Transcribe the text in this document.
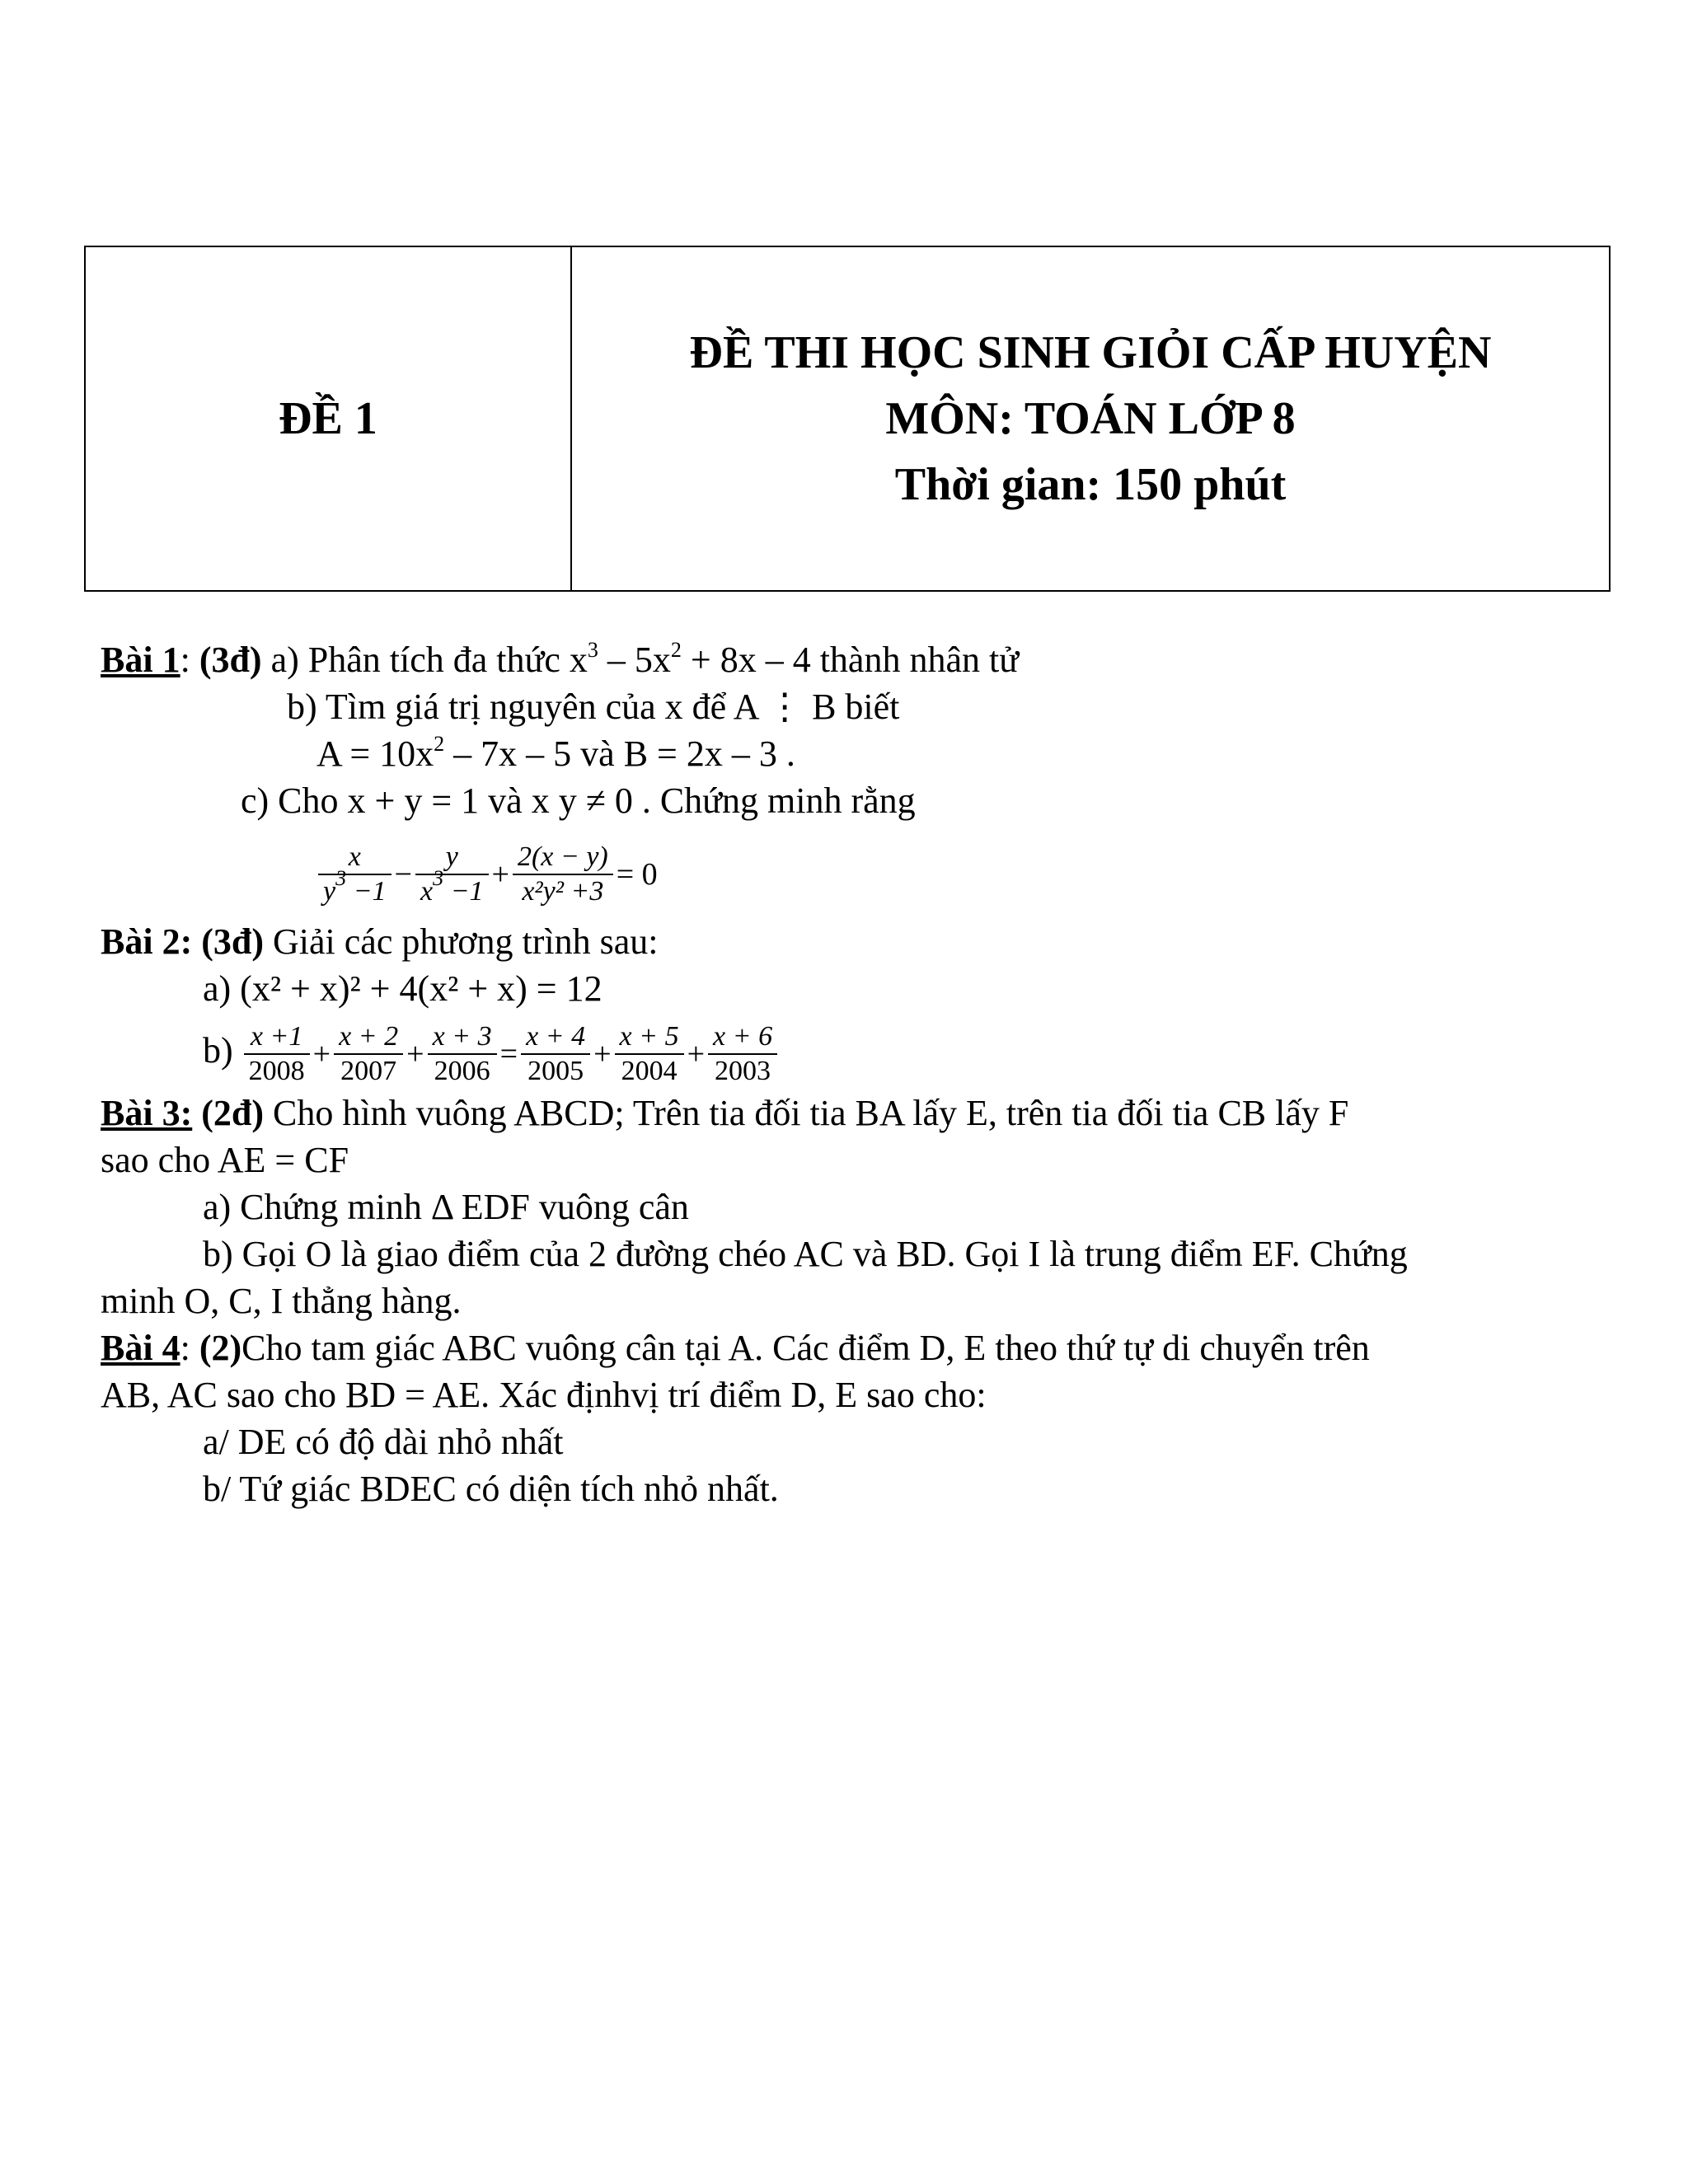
ĐỀ 1
ĐỀ THI HỌC SINH GIỎI CẤP HUYỆN
MÔN: TOÁN LỚP 8
Thời gian: 150 phút
Bài 1: (3đ) a) Phân tích đa thức $x^3 - 5x^2 + 8x - 4$ thành nhân tử
b) Tìm giá trị nguyên của x để A ⋮ B biết
$A = 10x^2 - 7x - 5$ và B = 2x – 3 .
c) Cho x + y = 1 và x y ≠ 0 . Chứng minh rằng
$\frac{x}{y^3 -1} - \frac{y}{x^3 -1} + \frac{2(x - y)}{\text{x²y² +3}} = 0$
Bài 2: (3đ) Giải các phương trình sau:
a) (x² + x)² + 4(x² + x) = 12
$b) \frac{x +1}{2008} + \frac{x + 2}{2007} + \frac{x + 3}{2006} = \frac{x + 4}{2005} + \frac{x + 5}{2004} + \frac{x + 6}{2003}$
Bài 3: (2đ) Cho hình vuông ABCD; Trên tia đối tia BA lấy E, trên tia đối tia CB lấy F
sao cho AE = CF
a) Chứng minh Δ EDF vuông cân
b) Gọi O là giao điểm của 2 đường chéo AC và BD. Gọi I là trung điểm EF. Chứng
minh O, C, I thẳng hàng.
Bài 4: (2)Cho tam giác ABC vuông cân tại A. Các điểm D, E theo thứ tự di chuyển trên
AB, AC sao cho BD = AE. Xác địnhvị trí điểm D, E sao cho:
a/ DE có độ dài nhỏ nhất
b/ Tứ giác BDEC có diện tích nhỏ nhất.
